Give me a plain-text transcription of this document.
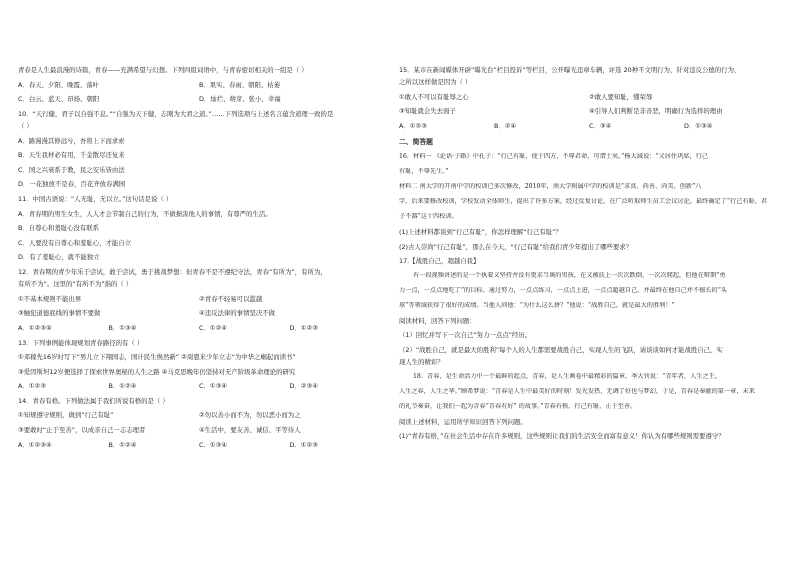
青春是人生最浪漫的诗篇，青春——充满希望与幻想。下列四组词语中，与青春密切相关的一组是（ ）
A．春天、夕阳、晚霞、落叶	B．果实、春雨、朝阳、枯萎
C．白云、蓝天、昂扬、朝阳	D．灿烂、萌芽、张小、幸福
10．“天行健，君子以自强不息。”“自强为天下健，志刚为大君之道。”……下列选项与上述名言蕴含道理一致的是
（ ）
A．路漫漫其修远兮，吾将上下而求索
B．天生我材必有用，千金散尽还复来
C．国之兴衰系于教，民之安乐皆由法
D．一花独放不是春，百花齐放春满园
11．中国古语说：“人无耻，无以立。”这句话是说（ ）
A．青春期的男生女生，人人才会节制自己的行为，不做损害他人的事情，有尊严的生活。
B．自尊心和羞耻心没有联系
C．人要没有自尊心和羞耻心，才能自立
D．有了羞耻心，就不能独立
12．青春期的青少年乐于尝试，敢于尝试，勇于挑战梦想：但青春不是不遵纪守法，青春“有所为”，有所为，
有所不为”。这里的“有所不为”指的（ ）
①不基本规则不能出界	②青春不轻易可以滥越
③触犯道德底线的事情不要做	④违反法律的事情坚决不做
A．①②③④	B．①③④	C．①②④	D．①②③
13．下列事例能体现规划青春路径的有（ ）
①邓稼先16岁时写下“男儿立下翔国志，国计民生焕然新” ②周恩来少年立志“为中华之崛起而读书”
③爱因斯坦12岁便选择了探索世界奥秘的人生之路 ④马克思晚年仍坚持对无产阶级革命理论的研究
A．①②③	B．①②④	C．①③④	D．②③④
14．青春有格。下列做法属于我们所说有格的是（ ）
①知规遵守规则，做到“行己有耻”	②勿以善小而不为，勿以恶小而为之
③要敢时“止于至善”，以成亲自己一志志理者	④生活中，要友善、诚信、平等待人
A．①②③④	B．①②④	C．①③④	D．①②③
15．某市在新闻媒体开辟“曝光台”栏目投诉”等栏目，公开曝光违章车辆，评选 20种不文明行为，针对违反公德的行为，
之所以这样做是因为（ ）
①敢人不可以有耻辱之心	②敢人要知耻，懂荣辱
③知耻就会失去面子	④引导人们判断是非善恶，明确行为选择的理由
A．①②③	B．②④	C．③④	D．①③④
二、简答题
16．材料一 《论语·子路》中孔子：“行己有耻，使于四方，不辱君命，可谓士矣。”杨大减说：“又居住巩席，行己
有耻，不辱先生。”
材料二 南大学的开南中学的校训已多次修改，2010年，南大学附属中学的校训是“求真、尚善、尚美、创新”八
字，后来要修改校训，学校发动全体师生，提出了许多方案，经过反复讨论，在广泛听取师生员工会议讨论，最终确定了“行己有耻，君
子不器”这十四校训。
(1)上述材料都谈到“行己有耻”，你怎样理解“行己有耻”？
(2)古人崇尚“行己有耻”，那么在今天，“行己有耻”给我们青少年提出了哪些要求？
17.【战胜自己，超越自我】
有一段视频讲述的是一个执着又坚持并没有更求当奥的男孩，在又被扶上一次次跌倒、一次次爬起，但他在辩期”勇
力一点，一点点地吃了”的目标。通过努力，一点点练习，一点点上进，一点点超越自己，并最终在他自己并不擅长的“头
球”等领域获得了很好的成绩。当他人问他：“为什么这么拼？”他说：“战胜自己，就是最大的胜利！”
阅读材料，回答下列问题：
（1）回忆并写下一次自己“努力一点点”经历。
（2）“战胜自己，就是最大的胜利”每个人的人生都需要战胜自己，实现人生的飞跃，请谈谈如何才能战胜自己，实
现人生的精彩？
18．青春，是生命活力中一个最鲜的起点，青春，是人生画卷中最精彩的篇章，季大钊说：“青年者，人生之王，
人生之春，人生之华。”顾希梦说：“青春是人生中最美好的时刻！发光发热，无调了好也与梦幻，于是，青春是奉献的第一章，未来
的礼节奏奋，让我们一起为青春“青春有好” 的故事。”青春有格，行己有耻，止于至善。
阅读上述材料，运用所学知识回答下列问题。
(1)“青春有格，”在社会生活中存在许多规则，这些规则让我们的生活安全而富有意义！你认为有哪些规则需要遵守？
